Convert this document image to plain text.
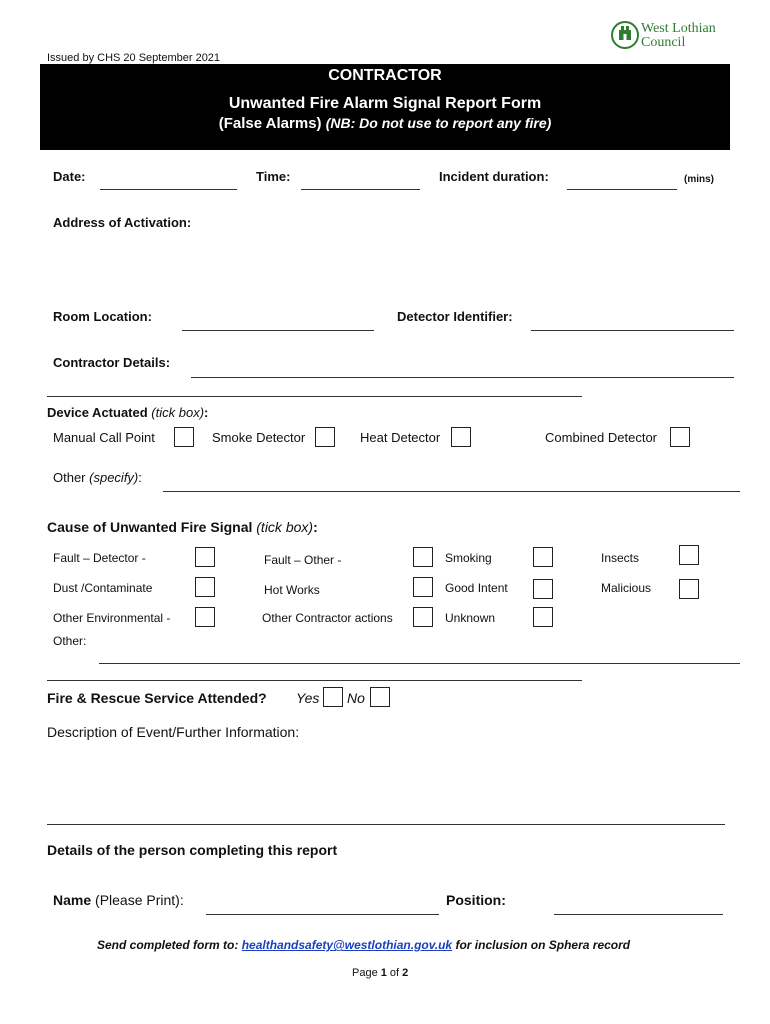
Issued by CHS 20 September 2021
West Lothian
Council
CONTRACTOR
Unwanted Fire Alarm Signal Report Form
(False Alarms) (NB: Do not use to report any fire)
Date:	Time:	Incident duration:	(mins)
Address of Activation:
Room Location:	Detector Identifier:
Contractor Details:
Device Actuated (tick box):
Manual Call Point	Smoke Detector	Heat Detector	Combined Detector
Other (specify):
Cause of Unwanted Fire Signal (tick box):
Fault – Detector -	Fault – Other -	Smoking	Insects
Dust /Contaminate	Hot Works	Good Intent	Malicious
Other Environmental -	Other Contractor actions	Unknown
Other:
Fire & Rescue Service Attended? Yes No
Description of Event/Further Information:
Details of the person completing this report
Name (Please Print):	Position:
Send completed form to: healthandsafety@westlothian.gov.uk for inclusion on Sphera record
Page 1 of 2
